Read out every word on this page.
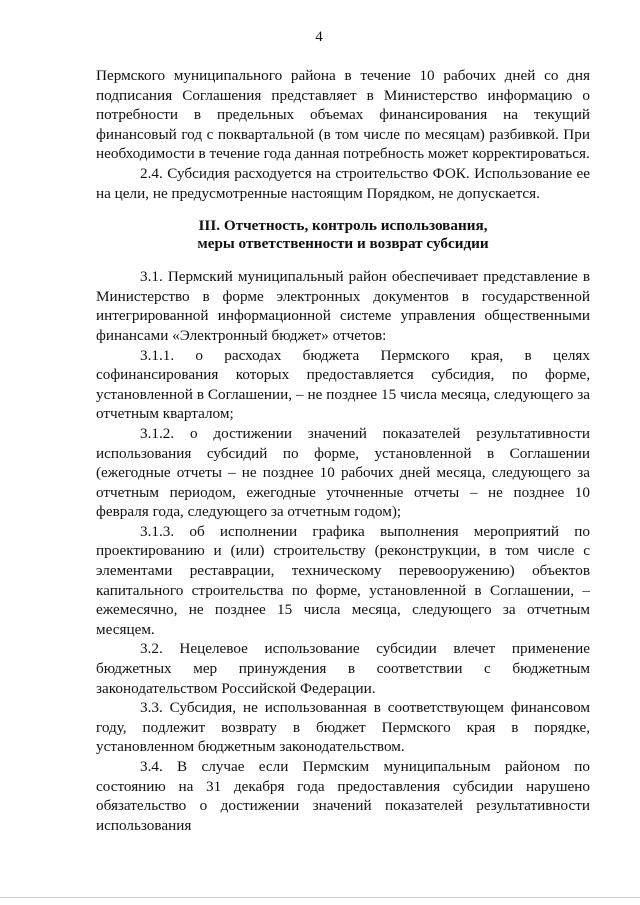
4

Пермского муниципального района в течение 10 рабочих дней со дня подписания Соглашения представляет в Министерство информацию о потребности в предельных объемах финансирования на текущий финансовый год с поквартальной (в том числе по месяцам) разбивкой. При необходимости в течение года данная потребность может корректироваться.

2.4. Субсидия расходуется на строительство ФОК. Использование ее на цели, не предусмотренные настоящим Порядком, не допускается.

III. Отчетность, контроль использования,
меры ответственности и возврат субсидии

3.1. Пермский муниципальный район обеспечивает представление в Министерство в форме электронных документов в государственной интегрированной информационной системе управления общественными финансами «Электронный бюджет» отчетов:

3.1.1. о расходах бюджета Пермского края, в целях софинансирования которых предоставляется субсидия, по форме, установленной в Соглашении, – не позднее 15 числа месяца, следующего за отчетным кварталом;

3.1.2. о достижении значений показателей результативности использования субсидий по форме, установленной в Соглашении (ежегодные отчеты – не позднее 10 рабочих дней месяца, следующего за отчетным периодом, ежегодные уточненные отчеты – не позднее 10 февраля года, следующего за отчетным годом);

3.1.3. об исполнении графика выполнения мероприятий по проектированию и (или) строительству (реконструкции, в том числе с элементами реставрации, техническому перевооружению) объектов капитального строительства по форме, установленной в Соглашении, – ежемесячно, не позднее 15 числа месяца, следующего за отчетным месяцем.

3.2. Нецелевое использование субсидии влечет применение бюджетных мер принуждения в соответствии с бюджетным законодательством Российской Федерации.

3.3. Субсидия, не использованная в соответствующем финансовом году, подлежит возврату в бюджет Пермского края в порядке, установленном бюджетным законодательством.

3.4. В случае если Пермским муниципальным районом по состоянию на 31 декабря года предоставления субсидии нарушено обязательство о достижении значений показателей результативности использования
